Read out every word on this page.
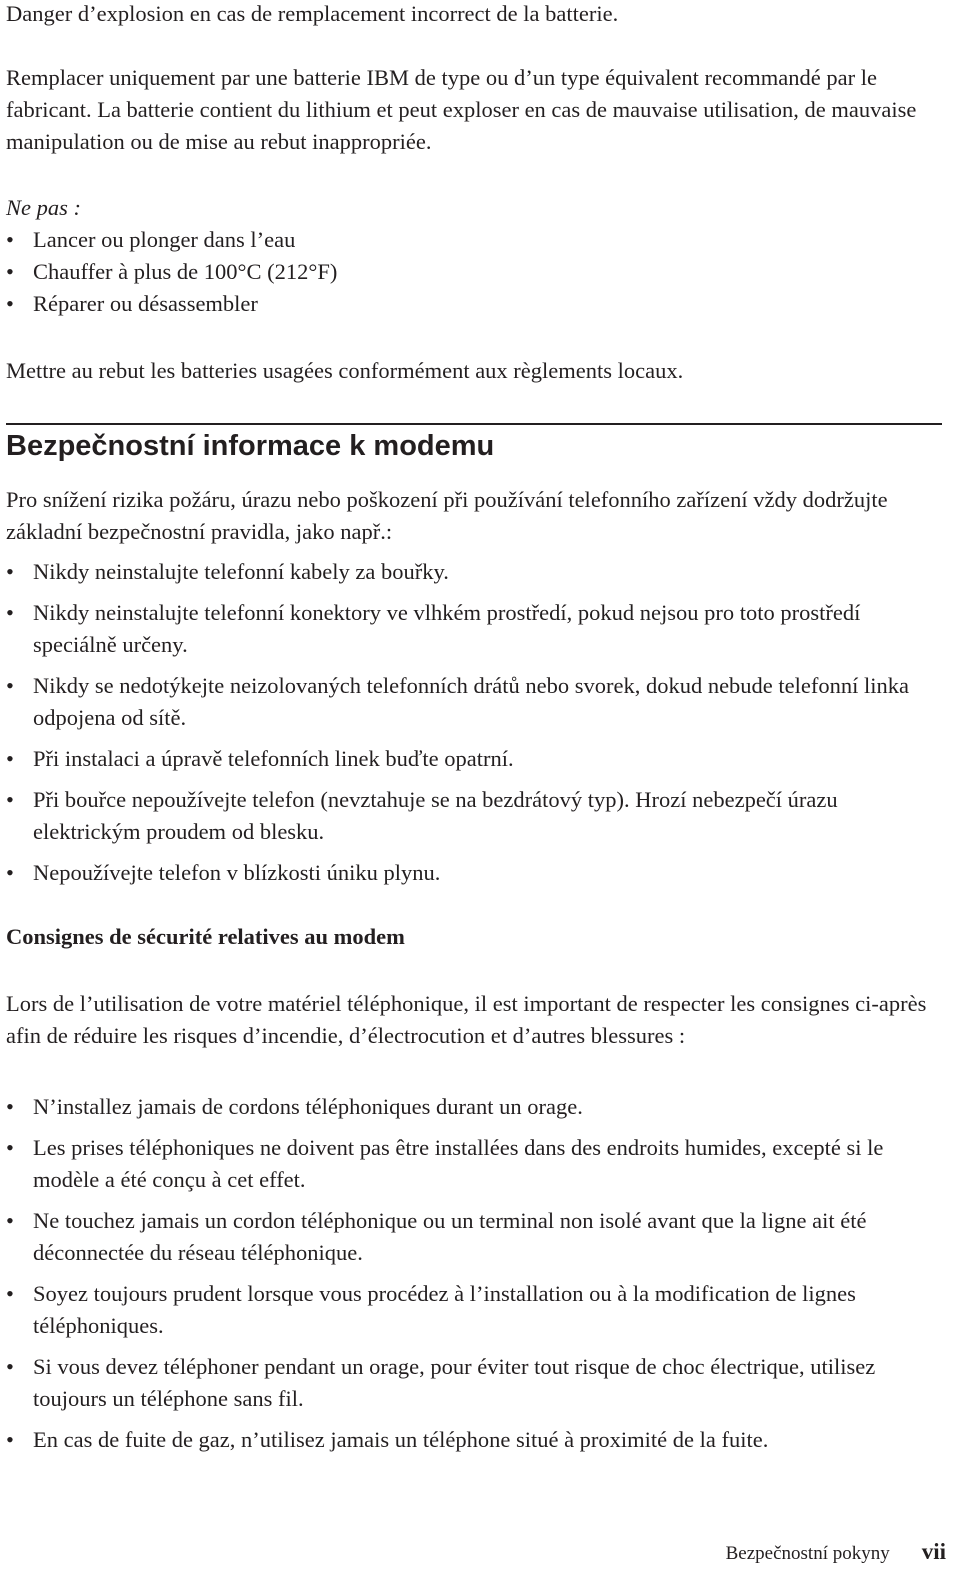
Danger d’explosion en cas de remplacement incorrect de la batterie.

Remplacer uniquement par une batterie IBM de type ou d’un type équivalent recommandé par le fabricant. La batterie contient du lithium et peut exploser en cas de mauvaise utilisation, de mauvaise manipulation ou de mise au rebut inappropriée.

Ne pas :

• Lancer ou plonger dans l’eau
• Chauffer à plus de 100°C (212°F)
• Réparer ou désassembler

Mettre au rebut les batteries usagées conformément aux règlements locaux.

Bezpečnostní informace k modemu

Pro snížení rizika požáru, úrazu nebo poškození při používání telefonního zařízení vždy dodržujte základní bezpečnostní pravidla, jako např.:

• Nikdy neinstalujte telefonní kabely za bouřky.
• Nikdy neinstalujte telefonní konektory ve vlhkém prostředí, pokud nejsou pro toto prostředí speciálně určeny.
• Nikdy se nedotýkejte neizolovaných telefonních drátů nebo svorek, dokud nebude telefonní linka odpojena od sítě.
• Při instalaci a úpravě telefonních linek buďte opatrní.
• Při bouřce nepoužívejte telefon (nevztahuje se na bezdrátový typ). Hrozí nebezpečí úrazu elektrickým proudem od blesku.
• Nepoužívejte telefon v blízkosti úniku plynu.
Consignes de sécurité relatives au modem

Lors de l’utilisation de votre matériel téléphonique, il est important de respecter les consignes ci-après afin de réduire les risques d’incendie, d’électrocution et d’autres blessures :

• N’installez jamais de cordons téléphoniques durant un orage.
• Les prises téléphoniques ne doivent pas être installées dans des endroits humides, excepté si le modèle a été conçu à cet effet.
• Ne touchez jamais un cordon téléphonique ou un terminal non isolé avant que la ligne ait été déconnectée du réseau téléphonique.
• Soyez toujours prudent lorsque vous procédez à l’installation ou à la modification de lignes téléphoniques.
• Si vous devez téléphoner pendant un orage, pour éviter tout risque de choc électrique, utilisez toujours un téléphone sans fil.
• En cas de fuite de gaz, n’utilisez jamais un téléphone situé à proximité de la fuite.
Bezpečnostní pokyny	vii
